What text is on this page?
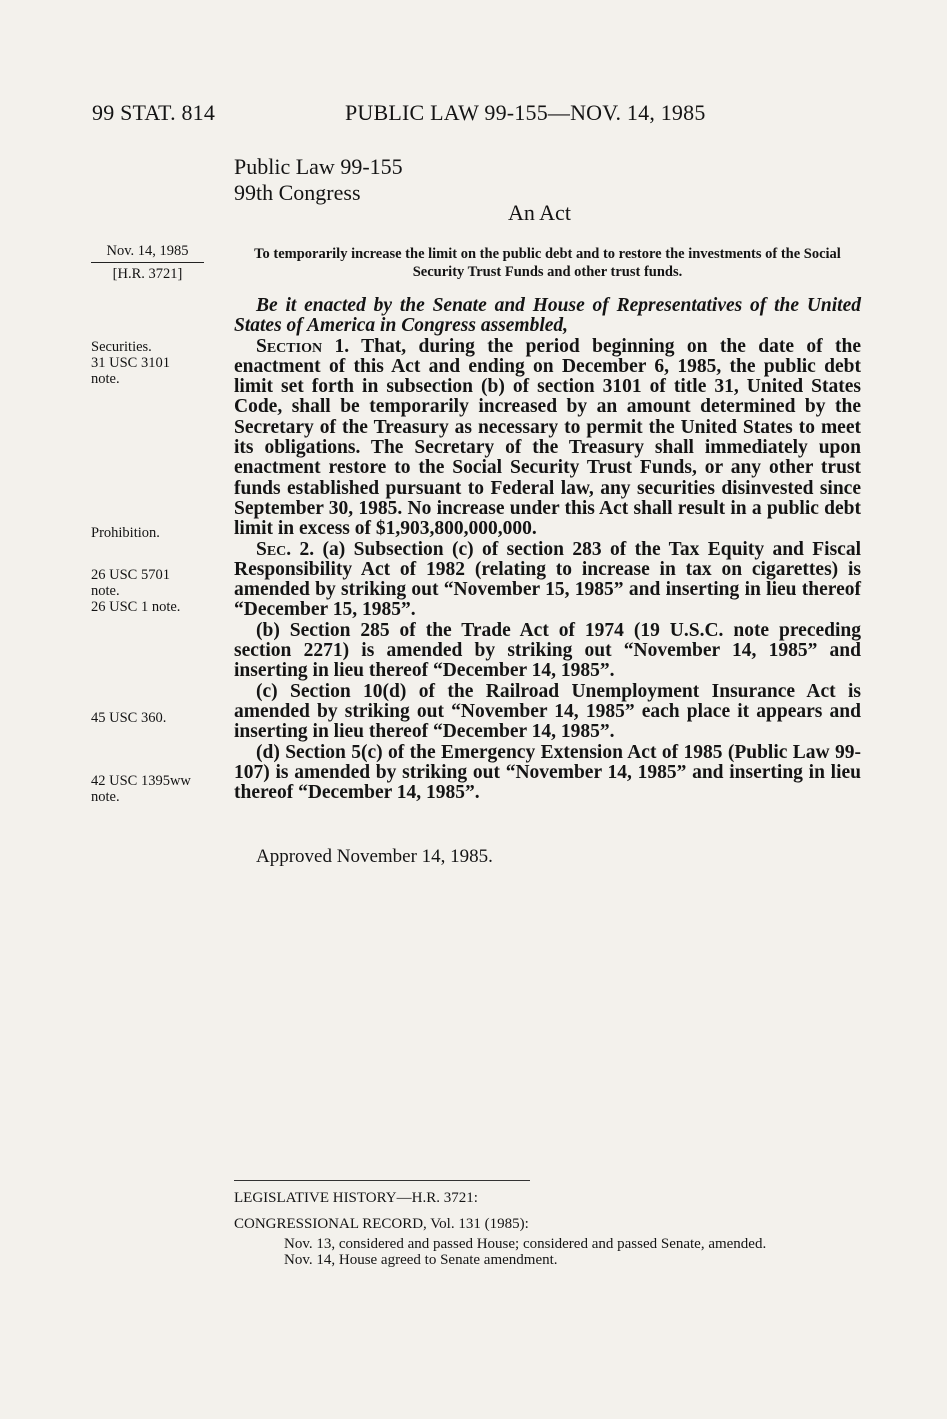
99 STAT. 814	PUBLIC LAW 99-155—NOV. 14, 1985
Public Law 99-155
99th Congress
An Act
Nov. 14, 1985
[H.R. 3721]
To temporarily increase the limit on the public debt and to restore the investments of the Social Security Trust Funds and other trust funds.
Securities.
31 USC 3101
note.
Prohibition.
26 USC 5701
note.
26 USC 1 note.
45 USC 360.
42 USC 1395ww
note.

Be it enacted by the Senate and House of Representatives of the United States of America in Congress assembled,

Section 1. That, during the period beginning on the date of the enactment of this Act and ending on December 6, 1985, the public debt limit set forth in subsection (b) of section 3101 of title 31, United States Code, shall be temporarily increased by an amount determined by the Secretary of the Treasury as necessary to permit the United States to meet its obligations. The Secretary of the Treasury shall immediately upon enactment restore to the Social Security Trust Funds, or any other trust funds established pursuant to Federal law, any securities disinvested since September 30, 1985. No increase under this Act shall result in a public debt limit in excess of $1,903,800,000,000.

Sec. 2. (a) Subsection (c) of section 283 of the Tax Equity and Fiscal Responsibility Act of 1982 (relating to increase in tax on cigarettes) is amended by striking out “November 15, 1985” and inserting in lieu thereof “December 15, 1985”.

(b) Section 285 of the Trade Act of 1974 (19 U.S.C. note preceding section 2271) is amended by striking out “November 14, 1985” and inserting in lieu thereof “December 14, 1985”.

(c) Section 10(d) of the Railroad Unemployment Insurance Act is amended by striking out “November 14, 1985” each place it appears and inserting in lieu thereof “December 14, 1985”.

(d) Section 5(c) of the Emergency Extension Act of 1985 (Public Law 99-107) is amended by striking out “November 14, 1985” and inserting in lieu thereof “December 14, 1985”.

Approved November 14, 1985.
LEGISLATIVE HISTORY—H.R. 3721:
CONGRESSIONAL RECORD, Vol. 131 (1985):
Nov. 13, considered and passed House; considered and passed Senate, amended.
Nov. 14, House agreed to Senate amendment.
